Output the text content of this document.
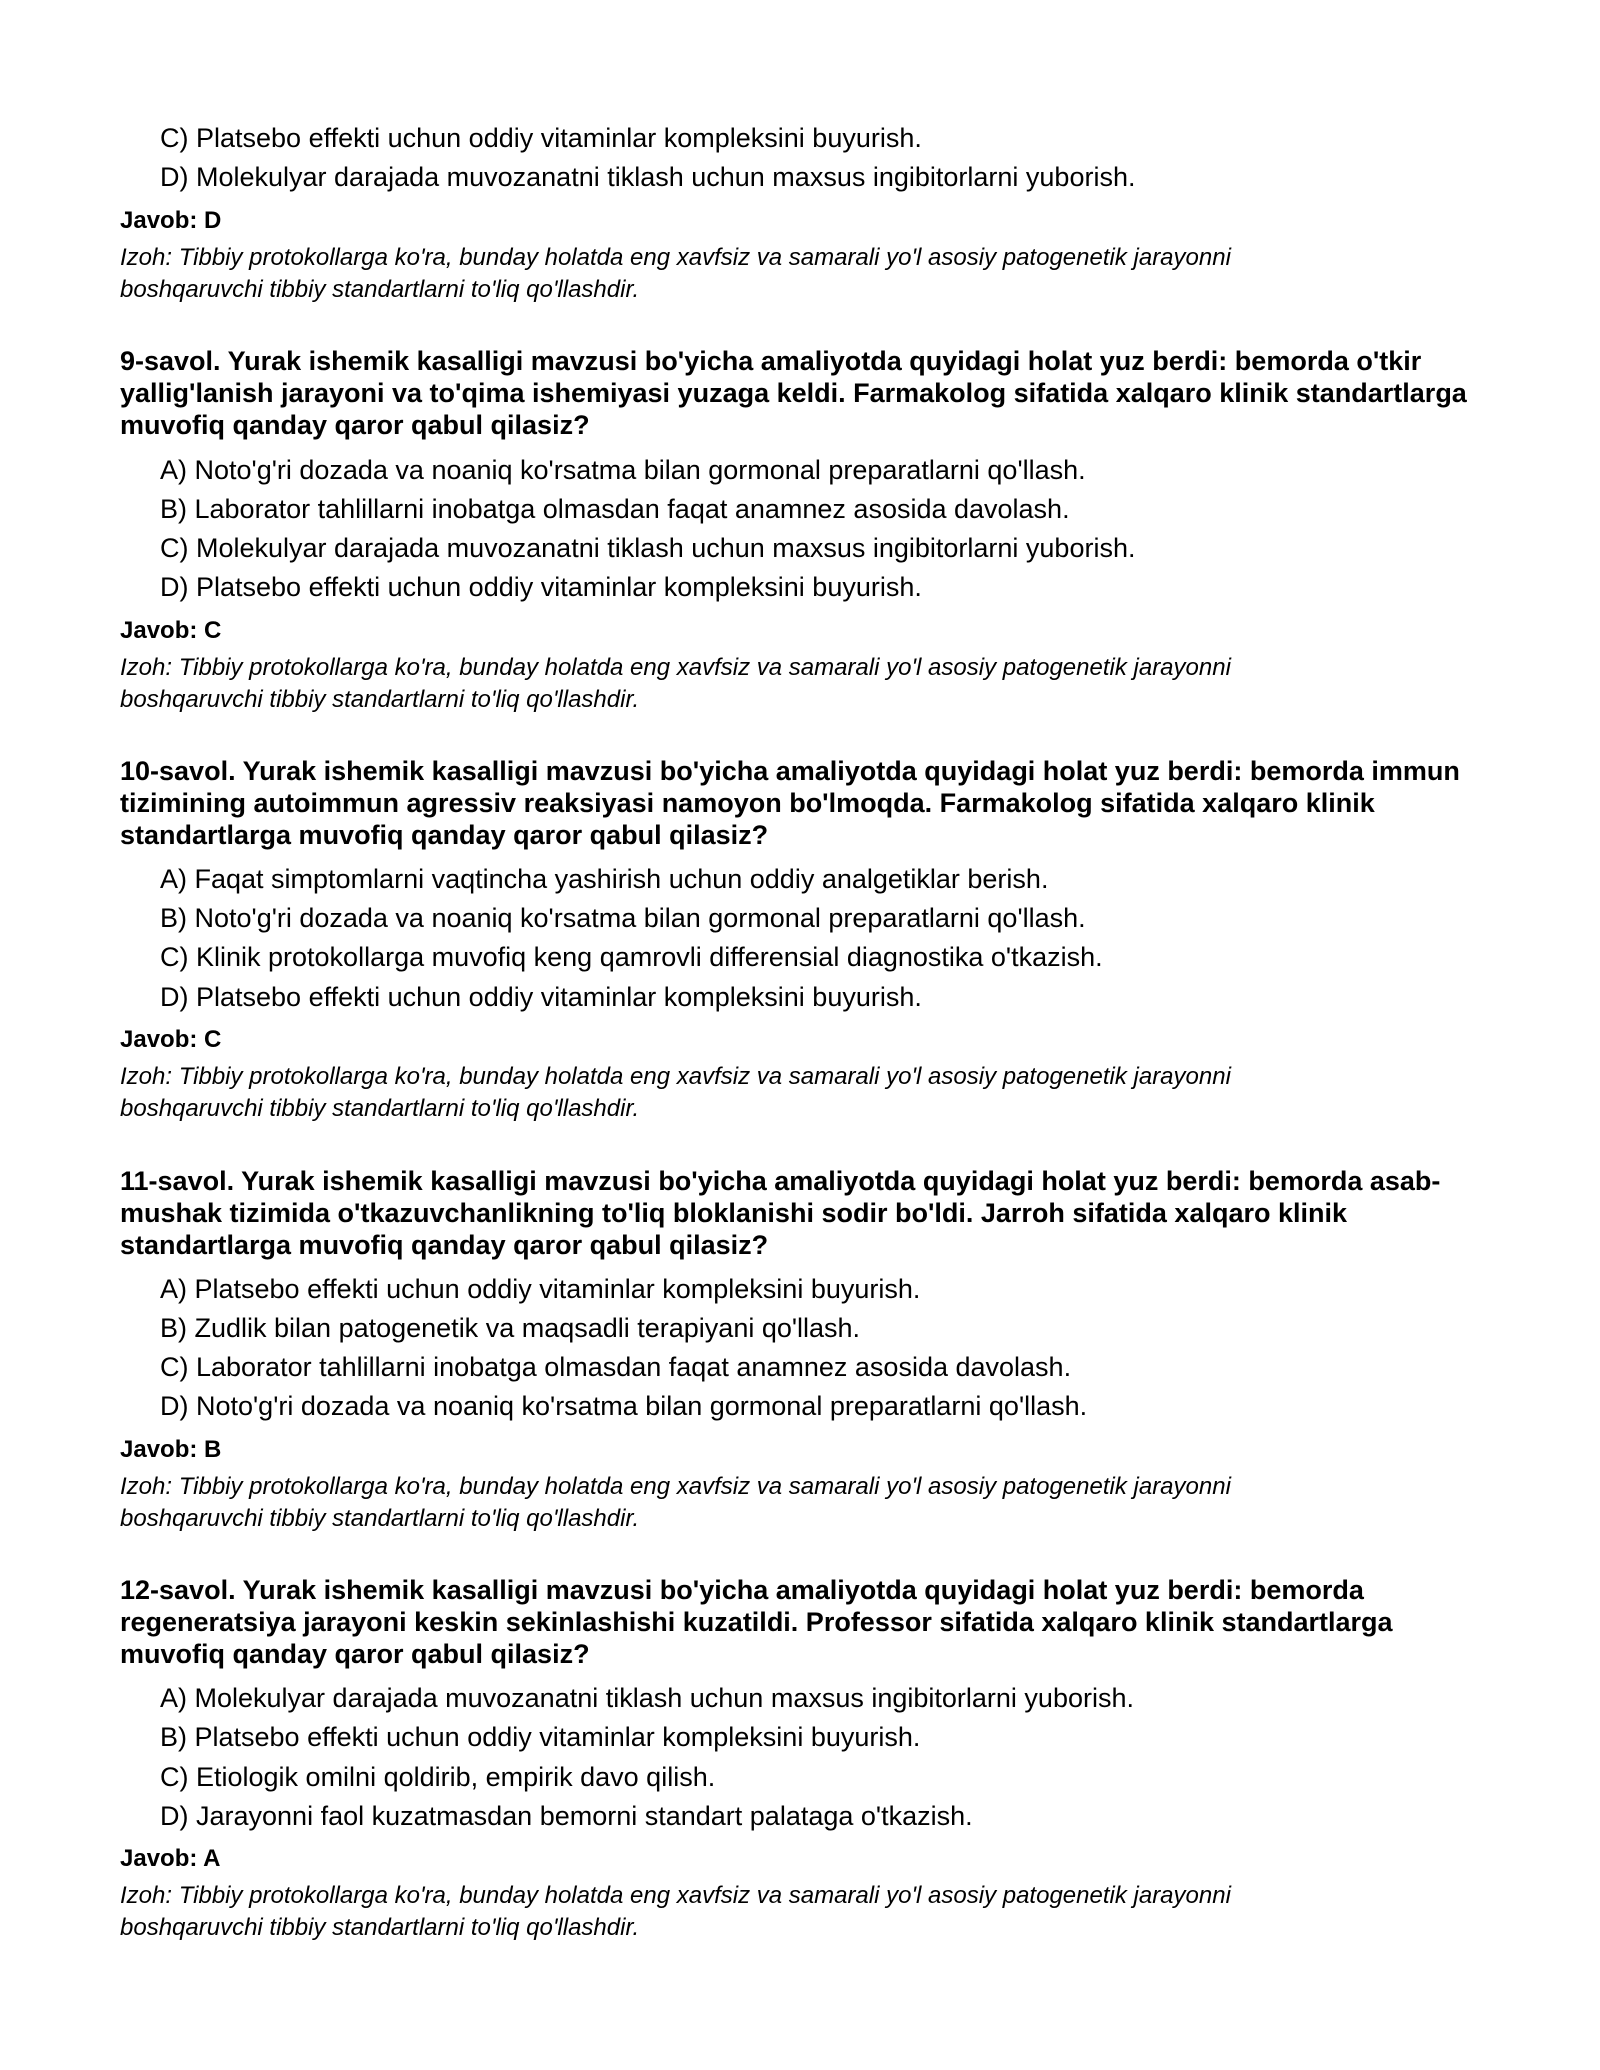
C) Platsebo effekti uchun oddiy vitaminlar kompleksini buyurish.
D) Molekulyar darajada muvozanatni tiklash uchun maxsus ingibitorlarni yuborish.
Javob: D
Izoh: Tibbiy protokollarga ko'ra, bunday holatda eng xavfsiz va samarali yo'l asosiy patogenetik jarayonni boshqaruvchi tibbiy standartlarni to'liq qo'llashdir.
9-savol. Yurak ishemik kasalligi mavzusi bo'yicha amaliyotda quyidagi holat yuz berdi: bemorda o'tkir yallig'lanish jarayoni va to'qima ishemiyasi yuzaga keldi. Farmakolog sifatida xalqaro klinik standartlarga muvofiq qanday qaror qabul qilasiz?
A) Noto'g'ri dozada va noaniq ko'rsatma bilan gormonal preparatlarni qo'llash.
B) Laborator tahlillarni inobatga olmasdan faqat anamnez asosida davolash.
C) Molekulyar darajada muvozanatni tiklash uchun maxsus ingibitorlarni yuborish.
D) Platsebo effekti uchun oddiy vitaminlar kompleksini buyurish.
Javob: C
Izoh: Tibbiy protokollarga ko'ra, bunday holatda eng xavfsiz va samarali yo'l asosiy patogenetik jarayonni boshqaruvchi tibbiy standartlarni to'liq qo'llashdir.
10-savol. Yurak ishemik kasalligi mavzusi bo'yicha amaliyotda quyidagi holat yuz berdi: bemorda immun tizimining autoimmun agressiv reaksiyasi namoyon bo'lmoqda. Farmakolog sifatida xalqaro klinik standartlarga muvofiq qanday qaror qabul qilasiz?
A) Faqat simptomlarni vaqtincha yashirish uchun oddiy analgetiklar berish.
B) Noto'g'ri dozada va noaniq ko'rsatma bilan gormonal preparatlarni qo'llash.
C) Klinik protokollarga muvofiq keng qamrovli differensial diagnostika o'tkazish.
D) Platsebo effekti uchun oddiy vitaminlar kompleksini buyurish.
Javob: C
Izoh: Tibbiy protokollarga ko'ra, bunday holatda eng xavfsiz va samarali yo'l asosiy patogenetik jarayonni boshqaruvchi tibbiy standartlarni to'liq qo'llashdir.
11-savol. Yurak ishemik kasalligi mavzusi bo'yicha amaliyotda quyidagi holat yuz berdi: bemorda asab-mushak tizimida o'tkazuvchanlikning to'liq bloklanishi sodir bo'ldi. Jarroh sifatida xalqaro klinik standartlarga muvofiq qanday qaror qabul qilasiz?
A) Platsebo effekti uchun oddiy vitaminlar kompleksini buyurish.
B) Zudlik bilan patogenetik va maqsadli terapiyani qo'llash.
C) Laborator tahlillarni inobatga olmasdan faqat anamnez asosida davolash.
D) Noto'g'ri dozada va noaniq ko'rsatma bilan gormonal preparatlarni qo'llash.
Javob: B
Izoh: Tibbiy protokollarga ko'ra, bunday holatda eng xavfsiz va samarali yo'l asosiy patogenetik jarayonni boshqaruvchi tibbiy standartlarni to'liq qo'llashdir.
12-savol. Yurak ishemik kasalligi mavzusi bo'yicha amaliyotda quyidagi holat yuz berdi: bemorda regeneratsiya jarayoni keskin sekinlashishi kuzatildi. Professor sifatida xalqaro klinik standartlarga muvofiq qanday qaror qabul qilasiz?
A) Molekulyar darajada muvozanatni tiklash uchun maxsus ingibitorlarni yuborish.
B) Platsebo effekti uchun oddiy vitaminlar kompleksini buyurish.
C) Etiologik omilni qoldirib, empirik davo qilish.
D) Jarayonni faol kuzatmasdan bemorni standart palataga o'tkazish.
Javob: A
Izoh: Tibbiy protokollarga ko'ra, bunday holatda eng xavfsiz va samarali yo'l asosiy patogenetik jarayonni boshqaruvchi tibbiy standartlarni to'liq qo'llashdir.
